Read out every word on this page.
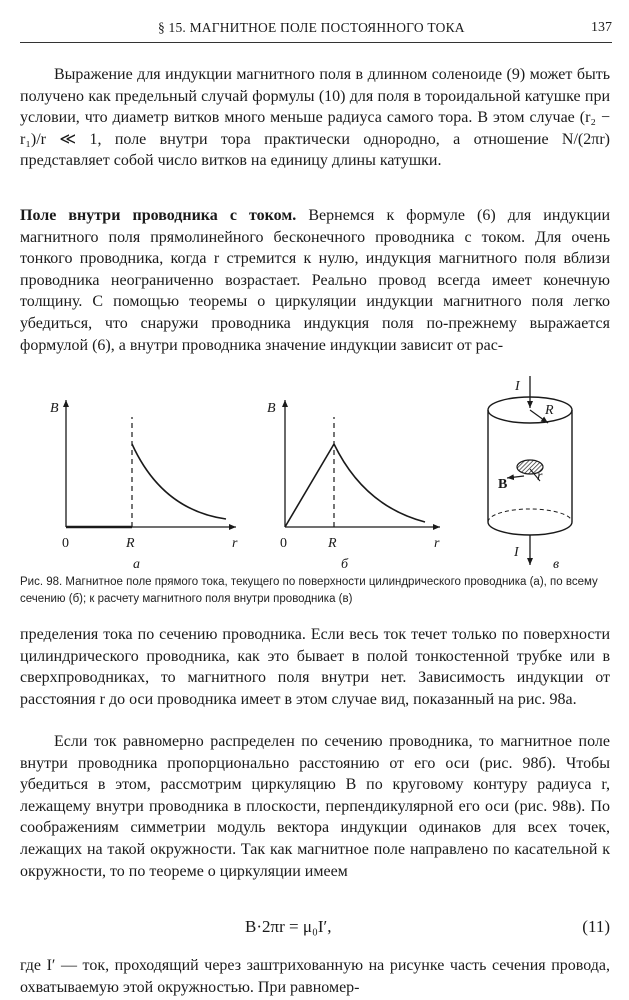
§ 15. МАГНИТНОЕ ПОЛЕ ПОСТОЯННОГО ТОКА	137

Выражение для индукции магнитного поля в длинном соленоиде (9) может быть получено как предельный случай формулы (10) для поля в тороидальной катушке при условии, что диаметр витков много меньше радиуса самого тора. В этом случае (r₂ − r₁)/r ≪ 1, поле внутри тора практически однородно, а отношение N/(2πr) представляет собой число витков на единицу длины катушки.

Поле внутри проводника с током. Вернемся к формуле (6) для индукции магнитного поля прямолинейного бесконечного проводника с током. Для очень тонкого проводника, когда r стремится к нулю, индукция магнитного поля вблизи проводника неограниченно возрастает. Реально провод всегда имеет конечную толщину. С помощью теоремы о циркуляции индукции магнитного поля легко убедиться, что снаружи проводника индукция поля по-прежнему выражается формулой (6), а внутри проводника значение индукции зависит от рас-

B
r
0	R
а
B
r
0	R
б
I
R
B
r
I
в

Рис. 98. Магнитное поле прямого тока, текущего по поверхности цилиндрического проводника (а), по всему сечению (б); к расчету магнитного поля внутри проводника (в)

пределения тока по сечению проводника. Если весь ток течет только по поверхности цилиндрического проводника, как это бывает в полой тонкостенной трубке или в сверхпроводниках, то магнитного поля внутри нет. Зависимость индукции от расстояния r до оси проводника имеет в этом случае вид, показанный на рис. 98а.

Если ток равномерно распределен по сечению проводника, то магнитное поле внутри проводника пропорционально расстоянию от его оси (рис. 98б). Чтобы убедиться в этом, рассмотрим циркуляцию B по круговому контуру радиуса r, лежащему внутри проводника в плоскости, перпендикулярной его оси (рис. 98в). По соображениям симметрии модуль вектора индукции одинаков для всех точек, лежащих на такой окружности. Так как магнитное поле направлено по касательной к окружности, то по теореме о циркуляции имеем

B·2πr = μ₀I′,	(11)

где I′ — ток, проходящий через заштрихованную на рисунке часть сечения провода, охватываемую этой окружностью. При равномер-
